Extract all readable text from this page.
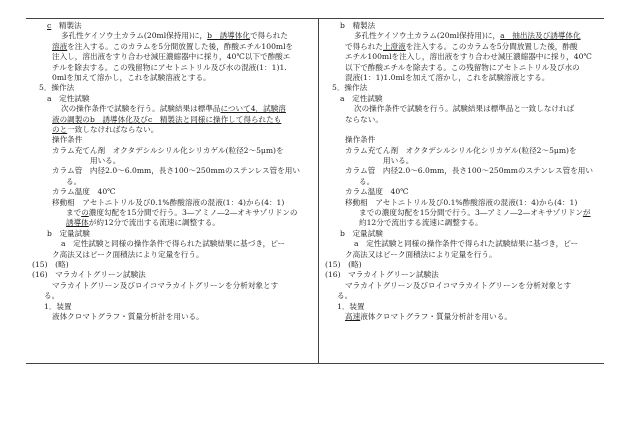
c　精製法
多孔性ケイソウ土カラム(20ml保持用)に，b　誘導体化で得られた
溶液を注入する。このカラムを5分間放置した後，酢酸エチル100mlを
注入し，溶出液をすり合わせ減圧濃縮器中に採り，40℃以下で酢酸エ
チルを除去する。この残留物にアセトニトリル及び水の混液(1：1)1.
0mlを加えて溶かし，これを試験溶液とする。
5．操作法
a　定性試験
次の操作条件で試験を行う。試験結果は標準品について4．試験溶
液の調製のb　誘導体化及びc　精製法と同様に操作して得られたも
のと一致しなければならない。
操作条件
カラム充てん剤　オクタデシルシリル化シリカゲル(粒径2～5μm)を
用いる。
カラム管　内径2.0～6.0mm，長さ100～250mmのステンレス管を用い
る。
カラム温度　40℃
移動相　アセトニトリル及び0.1%酢酸溶液の混液(1：4)から(4：1)
までの濃度勾配を15分間で行う。3―アミノ―2―オキサゾリドンの
誘導体が約12分で流出する流速に調整する。
b　定量試験
a　定性試験と同様の操作条件で得られた試験結果に基づき，ピー
ク高法又はピーク面積法により定量を行う。
(15)　(略)
(16)　マラカイトグリーン試験法
マラカイトグリーン及びロイコマラカイトグリーンを分析対象とす
る。
1．装置
液体クロマトグラフ・質量分析計を用いる。
b　精製法
多孔性ケイソウ土カラム(20ml保持用)に，a　抽出法及び誘導体化
で得られた上澄液を注入する。このカラムを5分間放置した後，酢酸
エチル100mlを注入し，溶出液をすり合わせ減圧濃縮器中に採り，40℃
以下で酢酸エチルを除去する。この残留物にアセトニトリル及び水の
混液(1：1)1.0mlを加えて溶かし，これを試験溶液とする。
5．操作法
a　定性試験
次の操作条件で試験を行う。試験結果は標準品と一致しなければ
ならない。
操作条件
カラム充てん剤　オクタデシルシリル化シリカゲル(粒径2～5μm)を
用いる。
カラム管　内径2.0～6.0mm，長さ100～250mmのステンレス管を用い
る。
カラム温度　40℃
移動相　アセトニトリル及び0.1%酢酸溶液の混液(1：4)から(4：1)
までの濃度勾配を15分間で行う。3―アミノ―2―オキサゾリドンが
約12分で流出する流速に調整する。
b　定量試験
a　定性試験と同様の操作条件で得られた試験結果に基づき，ピー
ク高法又はピーク面積法により定量を行う。
(15)　(略)
(16)　マラカイトグリーン試験法
マラカイトグリーン及びロイコマラカイトグリーンを分析対象とす
る。
1．装置
高速液体クロマトグラフ・質量分析計を用いる。
